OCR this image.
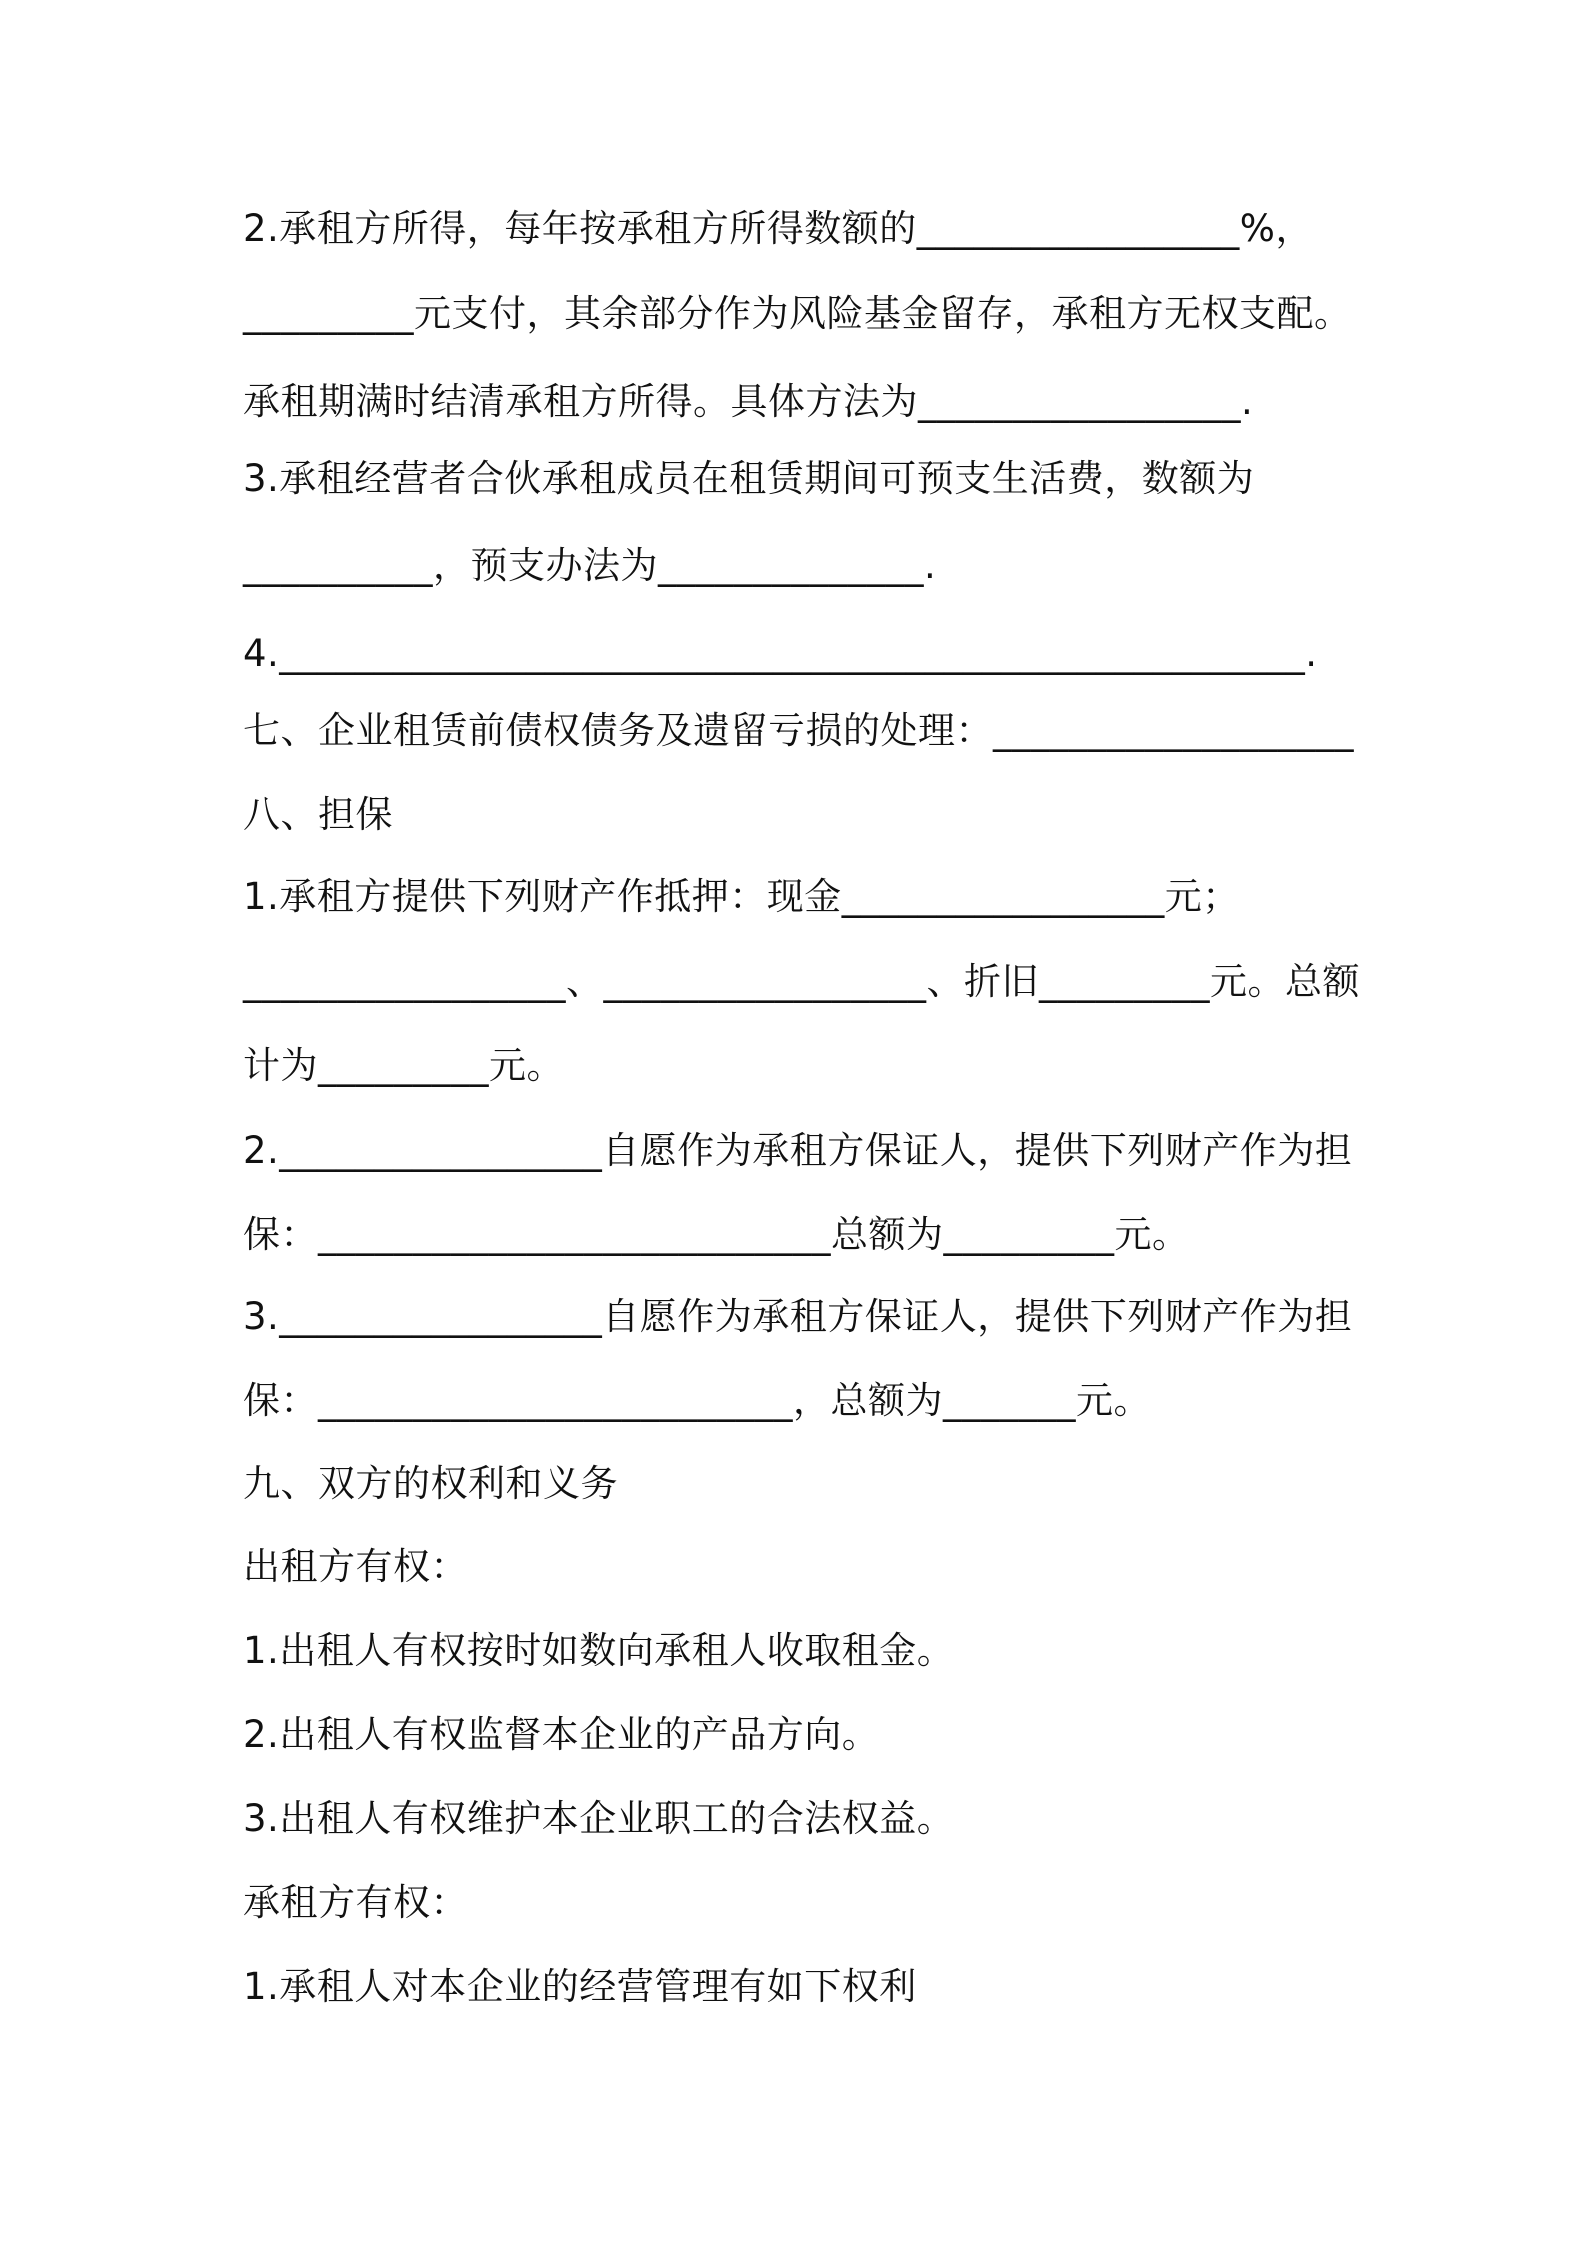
2.承租方所得，每年按承租方所得数额的_________________%，
_________元支付，其余部分作为风险基金留存，承租方无权支配。
承租期满时结清承租方所得。具体方法为_________________.
3.承租经营者合伙承租成员在租赁期间可预支生活费，数额为
__________，预支办法为______________.
4.______________________________________________________.
七、企业租赁前债权债务及遗留亏损的处理：___________________
八、担保
1.承租方提供下列财产作抵押：现金_________________元；
_________________、_________________、折旧_________元。总额
计为_________元。
2._________________自愿作为承租方保证人，提供下列财产作为担
保：___________________________总额为_________元。
3._________________自愿作为承租方保证人，提供下列财产作为担
保：_________________________，总额为_______元。
九、双方的权利和义务
出租方有权：
1.出租人有权按时如数向承租人收取租金。
2.出租人有权监督本企业的产品方向。
3.出租人有权维护本企业职工的合法权益。
承租方有权：
1.承租人对本企业的经营管理有如下权利
